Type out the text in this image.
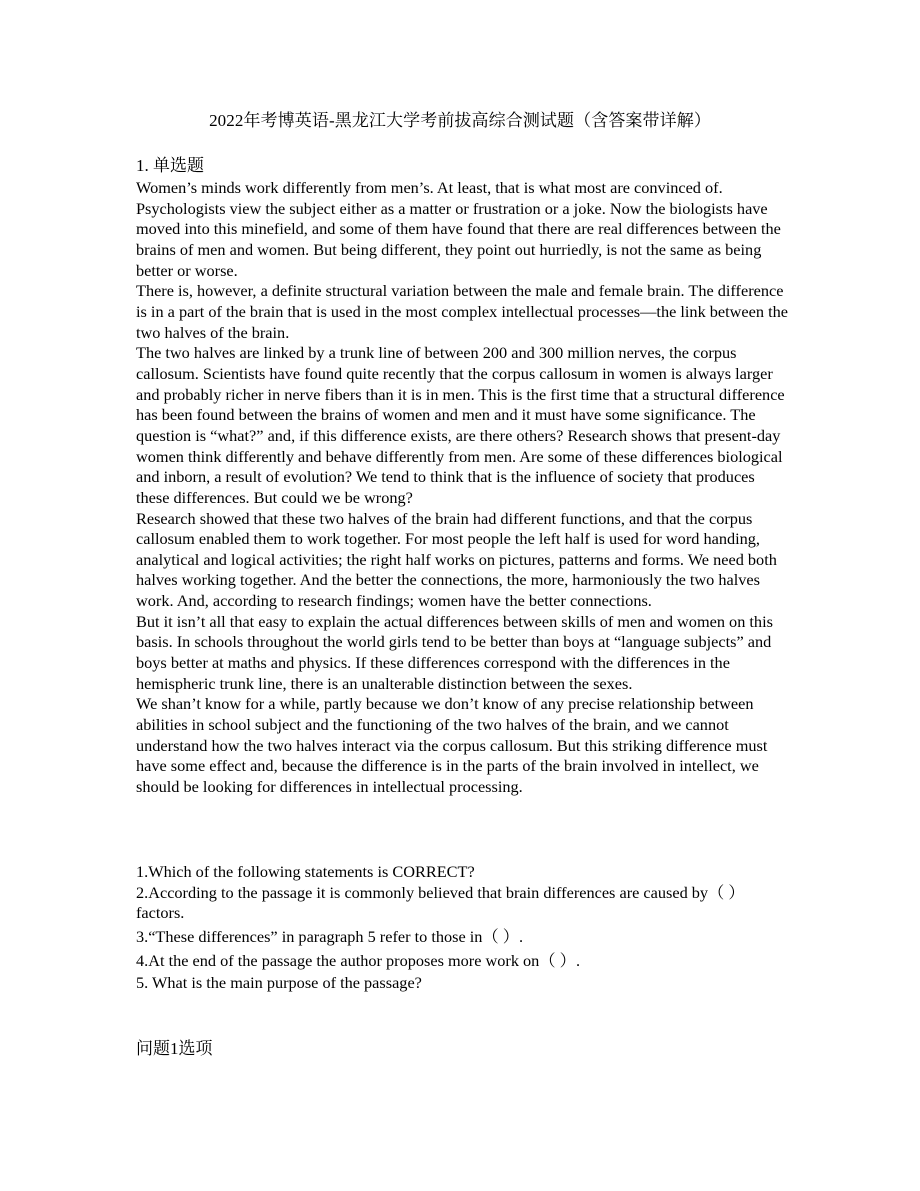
2022年考博英语-黑龙江大学考前拔高综合测试题（含答案带详解）
1. 单选题

Women’s minds work differently from men’s. At least, that is what most are convinced of. Psychologists view the subject either as a matter or frustration or a joke. Now the biologists have moved into this minefield, and some of them have found that there are real differences between the brains of men and women. But being different, they point out hurriedly, is not the same as being better or worse.

There is, however, a definite structural variation between the male and female brain. The difference is in a part of the brain that is used in the most complex intellectual processes—the link between the two halves of the brain.

The two halves are linked by a trunk line of between 200 and 300 million nerves, the corpus callosum. Scientists have found quite recently that the corpus callosum in women is always larger and probably richer in nerve fibers than it is in men. This is the first time that a structural difference has been found between the brains of women and men and it must have some significance. The question is “what?” and, if this difference exists, are there others? Research shows that present-day women think differently and behave differently from men. Are some of these differences biological and inborn, a result of evolution? We tend to think that is the influence of society that produces these differences. But could we be wrong?

Research showed that these two halves of the brain had different functions, and that the corpus callosum enabled them to work together. For most people the left half is used for word handing, analytical and logical activities; the right half works on pictures, patterns and forms. We need both halves working together. And the better the connections, the more, harmoniously the two halves work. And, according to research findings; women have the better connections.

But it isn’t all that easy to explain the actual differences between skills of men and women on this basis. In schools throughout the world girls tend to be better than boys at “language subjects” and boys better at maths and physics. If these differences correspond with the differences in the hemispheric trunk line, there is an unalterable distinction between the sexes.

We shan’t know for a while, partly because we don’t know of any precise relationship between abilities in school subject and the functioning of the two halves of the brain, and we cannot understand how the two halves interact via the corpus callosum. But this striking difference must have some effect and, because the difference is in the parts of the brain involved in intellect, we should be looking for differences in intellectual processing.

1.Which of the following statements is CORRECT?

2.According to the passage it is commonly believed that brain differences are caused by（ ） factors.

3.“These differences” in paragraph 5 refer to those in（ ）.

4.At the end of the passage the author proposes more work on（ ）.

5. What is the main purpose of the passage?

问题1选项
